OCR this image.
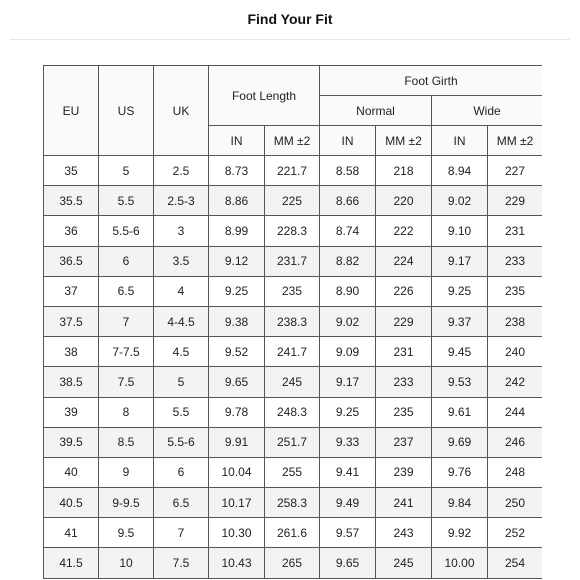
Find Your Fit
EU	US	UK	Foot Length		Foot Girth			
					Normal		Wide	
			IN	MM ±2	IN	MM ±2	IN	MM ±2
35	5	2.5	8.73	221.7	8.58	218	8.94	227
35.5	5.5	2.5-3	8.86	225	8.66	220	9.02	229
36	5.5-6	3	8.99	228.3	8.74	222	9.10	231
36.5	6	3.5	9.12	231.7	8.82	224	9.17	233
37	6.5	4	9.25	235	8.90	226	9.25	235
37.5	7	4-4.5	9.38	238.3	9.02	229	9.37	238
38	7-7.5	4.5	9.52	241.7	9.09	231	9.45	240
38.5	7.5	5	9.65	245	9.17	233	9.53	242
39	8	5.5	9.78	248.3	9.25	235	9.61	244
39.5	8.5	5.5-6	9.91	251.7	9.33	237	9.69	246
40	9	6	10.04	255	9.41	239	9.76	248
40.5	9-9.5	6.5	10.17	258.3	9.49	241	9.84	250
41	9.5	7	10.30	261.6	9.57	243	9.92	252
41.5	10	7.5	10.43	265	9.65	245	10.00	254
